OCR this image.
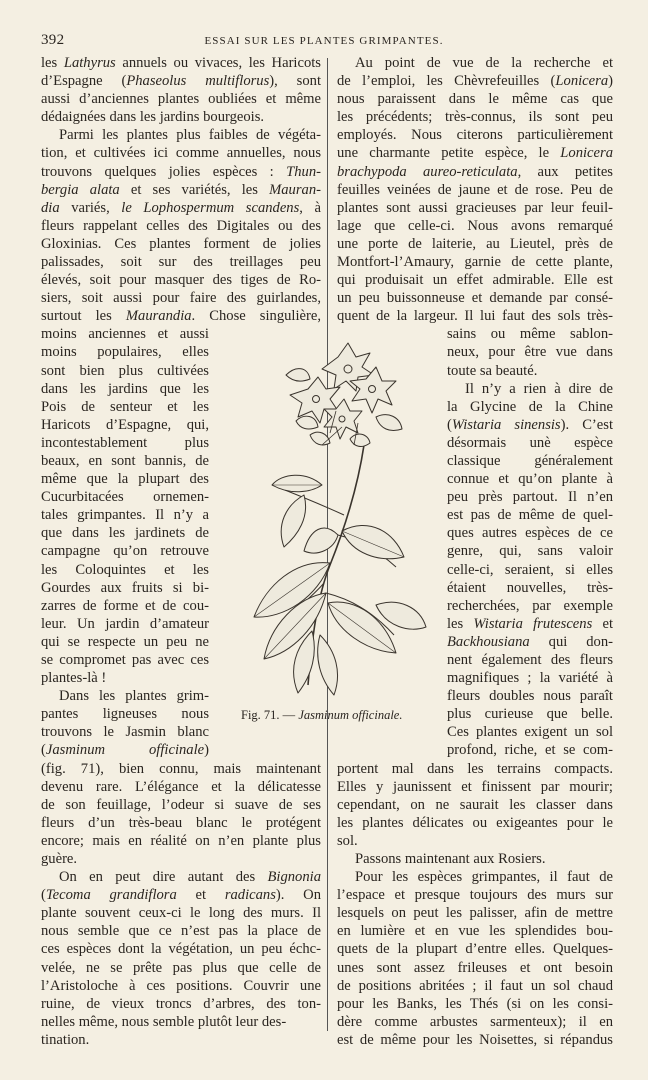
392	ESSAI SUR LES PLANTES GRIMPANTES.
les Lathyrus annuels ou vivaces, les Haricots
d’Espagne (Phaseolus multiflorus), sont
aussi d’anciennes plantes oubliées et même
dédaignées dans les jardins bourgeois.
Parmi les plantes plus faibles de végéta-
tion, et cultivées ici comme annuelles, nous
trouvons quelques jolies espèces : Thun-
bergia alata et ses variétés, les Mauran-
dia variés, le Lophospermum scandens, à
fleurs rappelant celles des Digitales ou des
Gloxinias. Ces plantes forment de jolies
palissades, soit sur des treillages peu
élevés, soit pour masquer des tiges de Ro-
siers, soit aussi pour faire des guirlandes,
surtout les Maurandia. Chose singulière,
moins anciennes et aussi
moins populaires, elles
sont bien plus cultivées
dans les jardins que les
Pois de senteur et les
Haricots d’Espagne, qui,
incontestablement plus
beaux, en sont bannis, de
même que la plupart des
Cucurbitacées ornemen-
tales grimpantes. Il n’y a
que dans les jardinets de
campagne qu’on retrouve
les Coloquintes et les
Gourdes aux fruits si bi-
zarres de forme et de cou-
leur. Un jardin d’amateur
qui se respecte un peu ne
se compromet pas avec ces
plantes-là !
Dans les plantes grim-
pantes ligneuses nous
trouvons le Jasmin blanc
(Jasminum officinale)
(fig. 71), bien connu, mais maintenant
devenu rare. L’élégance et la délicatesse
de son feuillage, l’odeur si suave de ses
fleurs d’un très-beau blanc le protégent
encore; mais en réalité on n’en plante plus
guère.
On en peut dire autant des Bignonia
(Tecoma grandiflora et radicans). On
plante souvent ceux-ci le long des murs. Il
nous semble que ce n’est pas la place de
ces espèces dont la végétation, un peu échc-
velée, ne se prête pas plus que celle de
l’Aristoloche à ces positions. Couvrir une
ruine, de vieux troncs d’arbres, des ton-
nelles même, nous semble plutôt leur des-
tination.
Au point de vue de la recherche et
de l’emploi, les Chèvrefeuilles (Lonicera)
nous paraissent dans le même cas que
les précédents; très-connus, ils sont peu
employés. Nous citerons particulièrement
une charmante petite espèce, le Lonicera
brachypoda aureo-reticulata, aux petites
feuilles veinées de jaune et de rose. Peu de
plantes sont aussi gracieuses par leur feuil-
lage que celle-ci. Nous avons remarqué
une porte de laiterie, au Lieutel, près de
Montfort-l’Amaury, garnie de cette plante,
qui produisait un effet admirable. Elle est
un peu buissonneuse et demande par consé-
quent de la largeur. Il lui faut des sols très-
sains ou même sablon-
neux, pour être vue dans
toute sa beauté.
Il n’y a rien à dire de
la Glycine de la Chine
(Wistaria sinensis). C’est
désormais unè espèce
classique généralement
connue et qu’on plante à
peu près partout. Il n’en
est pas de même de quel-
ques autres espèces de ce
genre, qui, sans valoir
celle-ci, seraient, si elles
étaient nouvelles, très-
recherchées, par exemple
les Wistaria frutescens et
Backhousiana qui don-
nent également des fleurs
magnifiques ; la variété à
fleurs doubles nous paraît
plus curieuse que belle.
Ces plantes exigent un sol
profond, riche, et se com-
portent mal dans les terrains compacts.
Elles y jaunissent et finissent par mourir;
cependant, on ne saurait les classer dans
les plantes délicates ou exigeantes pour le
sol.
Passons maintenant aux Rosiers.
Pour les espèces grimpantes, il faut de
l’espace et presque toujours des murs sur
lesquels on peut les palisser, afin de mettre
en lumière et en vue les splendides bou-
quets de la plupart d’entre elles. Quelques-
unes sont assez frileuses et ont besoin
de positions abritées ; il faut un sol chaud
pour les Banks, les Thés (si on les consi-
dère comme arbustes sarmenteux); il en
est de même pour les Noisettes, si répandus
Fig. 71. — Jasminum officinale.
